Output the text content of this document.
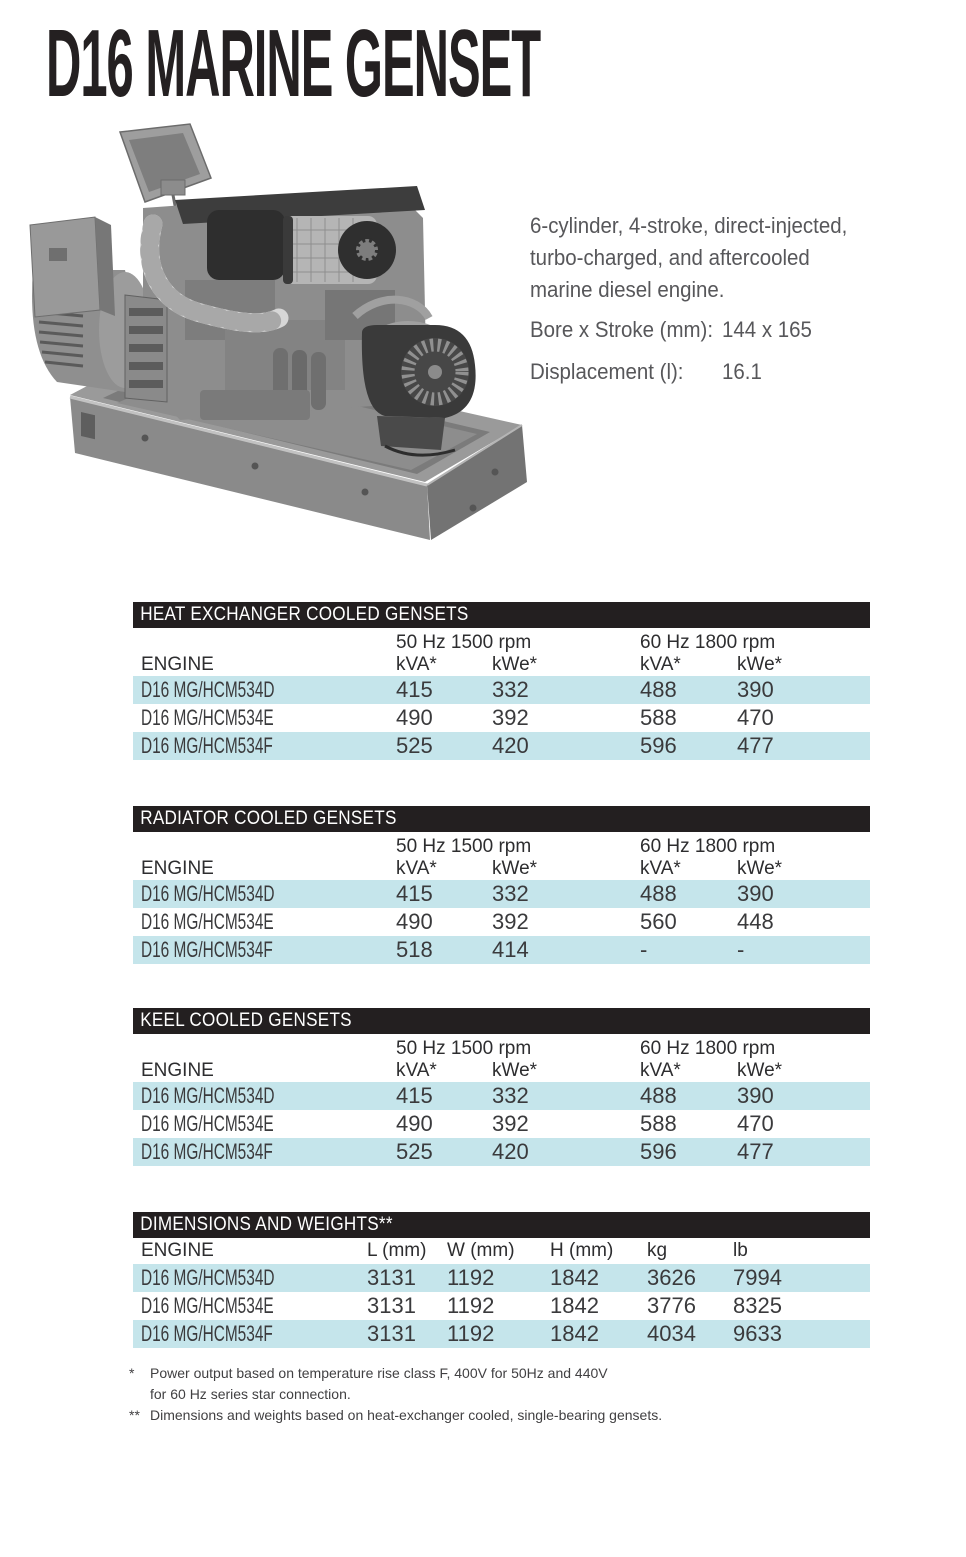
D16 MARINE GENSET
6-cylinder, 4-stroke, direct-injected,
turbo-charged, and aftercooled
marine diesel engine.
Bore x Stroke (mm): 144 x 165
Displacement (l): 16.1
HEAT EXCHANGER COOLED GENSETS
50 Hz 1500 rpm	60 Hz 1800 rpm
ENGINE	kVA*	kWe*	kVA*	kWe*
D16 MG/HCM534D	415	332	488	390
D16 MG/HCM534E	490	392	588	470
D16 MG/HCM534F	525	420	596	477
RADIATOR COOLED GENSETS
50 Hz 1500 rpm	60 Hz 1800 rpm
ENGINE	kVA*	kWe*	kVA*	kWe*
D16 MG/HCM534D	415	332	488	390
D16 MG/HCM534E	490	392	560	448
D16 MG/HCM534F	518	414	-	-
KEEL COOLED GENSETS
50 Hz 1500 rpm	60 Hz 1800 rpm
ENGINE	kVA*	kWe*	kVA*	kWe*
D16 MG/HCM534D	415	332	488	390
D16 MG/HCM534E	490	392	588	470
D16 MG/HCM534F	525	420	596	477
DIMENSIONS AND WEIGHTS**
ENGINE	L (mm) W (mm) H (mm) kg	lb
D16 MG/HCM534D	3131 1192	1842 3626 7994
D16 MG/HCM534E	3131 1192	1842 3776 8325
D16 MG/HCM534F	3131 1192	1842 4034 9633
* Power output based on temperature rise class F, 400V for 50Hz and 440V
for 60 Hz series star connection.
** Dimensions and weights based on heat-exchanger cooled, single-bearing gensets.
